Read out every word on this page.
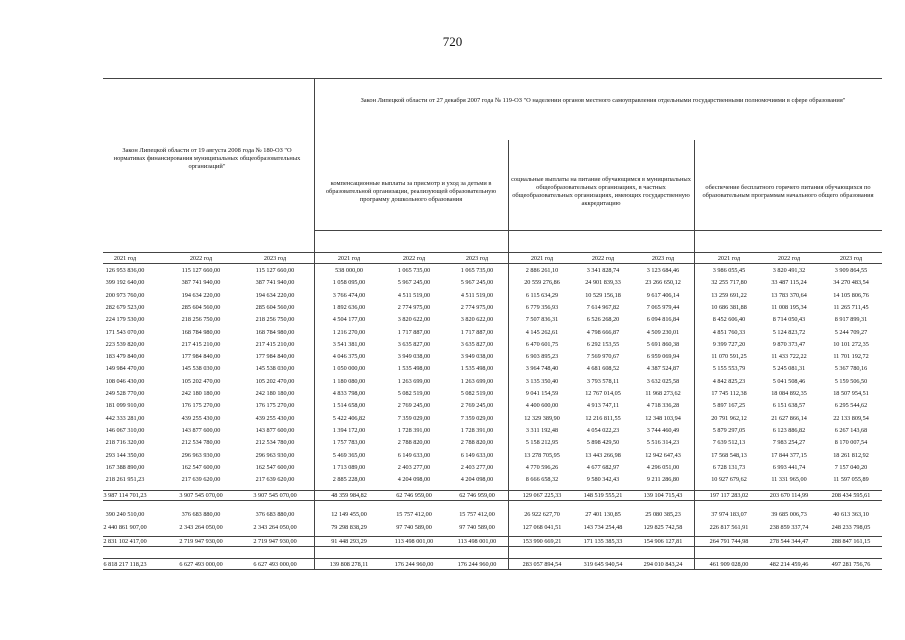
720
Закон Липецкой области от 27 декабря 2007 года № 119-ОЗ "О наделении органов местного самоуправления отдельными государственными полномочиями в сфере образования"
Закон Липецкой области от 19 августа 2008 года № 180-ОЗ "О нормативах финансирования муниципальных общеобразовательных организаций"
компенсационные выплаты за присмотр и уход за детьми в образовательной организации, реализующей образовательную программу дошкольного образования
социальные выплаты на питание обучающимся в муниципальных общеобразовательных организациях, в частных общеобразовательных организациях, имеющих государственную аккредитацию
обеспечение бесплатного горячего питания обучающихся по образовательным программам начального общего образования
2021 год	2022 год	2023 год	2021 год	2022 год	2023 год	2021 год	2022 год	2023 год	2021 год	2022 год	2023 год
126 953 836,00	115 127 660,00	115 127 660,00	538 000,00	1 065 735,00	1 065 735,00	2 886 261,10	3 341 828,74	3 123 684,46	3 986 055,45	3 820 491,32	3 909 864,55
399 192 640,00	387 741 940,00	387 741 940,00	1 058 095,00	5 967 245,00	5 967 245,00	20 559 276,86	24 901 839,33	23 266 650,12	32 255 717,80	33 487 115,24	34 270 483,54
200 973 760,00	194 634 220,00	194 634 220,00	3 766 474,00	4 511 519,00	4 511 519,00	6 115 634,29	10 529 156,18	9 617 406,14	13 259 691,22	13 783 370,64	14 105 806,76
282 679 523,00	285 604 560,00	285 604 560,00	1 892 636,00	2 774 975,00	2 774 975,00	6 779 356,93	7 614 967,82	7 065 979,44	10 686 381,88	11 008 195,34	11 265 711,45
224 179 530,00	218 256 750,00	218 256 750,00	4 504 177,00	3 820 622,00	3 820 622,00	7 507 836,31	6 526 268,20	6 094 816,84	8 452 606,40	8 714 050,43	8 917 899,31
171 543 070,00	168 784 980,00	168 784 980,00	1 216 270,00	1 717 887,00	1 717 887,00	4 145 262,61	4 798 666,87	4 509 230,01	4 851 760,33	5 124 823,72	5 244 709,27
223 539 820,00	217 415 210,00	217 415 210,00	3 541 381,00	3 635 827,00	3 635 827,00	6 470 601,75	6 292 153,55	5 691 860,38	9 399 727,20	9 870 373,47	10 101 272,35
183 479 840,00	177 984 840,00	177 984 840,00	4 046 375,00	3 949 038,00	3 949 038,00	6 903 895,23	7 569 970,67	6 959 069,94	11 070 591,25	11 433 722,22	11 701 192,72
149 984 470,00	145 538 030,00	145 538 030,00	1 050 000,00	1 535 498,00	1 535 498,00	3 964 748,40	4 681 608,52	4 387 524,87	5 155 553,79	5 245 081,31	5 367 780,16
108 046 430,00	105 202 470,00	105 202 470,00	1 180 080,00	1 263 699,00	1 263 699,00	3 135 350,40	3 793 578,11	3 632 025,58	4 842 825,23	5 041 508,46	5 159 506,50
249 528 770,00	242 180 180,00	242 180 180,00	4 833 798,00	5 082 519,00	5 082 519,00	9 041 154,59	12 767 014,05	11 968 273,62	17 745 112,38	18 084 892,35	18 507 954,51
181 099 910,00	176 175 270,00	176 175 270,00	1 514 658,00	2 769 245,00	2 769 245,00	4 400 600,00	4 913 747,11	4 718 336,28	5 897 167,25	6 151 638,57	6 295 544,62
442 333 281,00	439 255 430,00	439 255 430,00	5 422 406,82	7 359 029,00	7 359 029,00	12 329 389,90	12 216 811,55	12 348 103,94	20 791 962,12	21 627 866,14	22 133 809,54
146 067 310,00	143 877 600,00	143 877 600,00	1 394 172,00	1 728 391,00	1 728 391,00	3 311 192,48	4 054 022,23	3 744 460,49	5 879 297,05	6 123 886,82	6 267 143,68
218 716 320,00	212 534 780,00	212 534 780,00	1 757 783,00	2 788 820,00	2 788 820,00	5 158 212,95	5 898 429,50	5 516 314,23	7 639 512,13	7 983 254,27	8 170 007,54
293 144 350,00	296 963 930,00	296 963 930,00	5 469 365,00	6 149 633,00	6 149 633,00	13 278 705,95	13 443 266,98	12 942 647,43	17 568 548,13	17 844 377,15	18 261 812,92
167 388 890,00	162 547 600,00	162 547 600,00	1 713 089,00	2 403 277,00	2 403 277,00	4 770 596,26	4 677 682,97	4 296 051,00	6 728 131,73	6 993 441,74	7 157 040,20
218 261 951,23	217 639 620,00	217 639 620,00	2 885 228,00	4 204 098,00	4 204 098,00	8 666 658,32	9 580 342,43	9 211 286,80	10 927 679,62	11 331 965,00	11 597 055,89
3 987 114 701,23	3 907 545 070,00	3 907 545 070,00	48 359 984,82	62 746 959,00	62 746 959,00	129 067 225,33	148 519 555,21	139 104 715,43	197 117 283,02	203 670 114,99	208 434 595,61
390 240 510,00	376 683 880,00	376 683 880,00	12 149 455,00	15 757 412,00	15 757 412,00	26 922 627,70	27 401 130,85	25 080 385,23	37 974 183,07	39 685 006,73	40 613 363,10
2 440 861 907,00	2 343 264 050,00	2 343 264 050,00	79 298 838,29	97 740 589,00	97 740 589,00	127 068 041,51	143 734 254,48	129 825 742,58	226 817 561,91	238 859 337,74	248 233 798,05
2 831 102 417,00	2 719 947 930,00	2 719 947 930,00	91 448 293,29	113 498 001,00	113 498 001,00	153 990 669,21	171 135 385,33	154 906 127,81	264 791 744,98	278 544 344,47	288 847 161,15
6 818 217 118,23	6 627 493 000,00	6 627 493 000,00	139 808 278,11	176 244 960,00	176 244 960,00	283 057 894,54	319 645 940,54	294 010 843,24	461 909 028,00	482 214 459,46	497 281 756,76
